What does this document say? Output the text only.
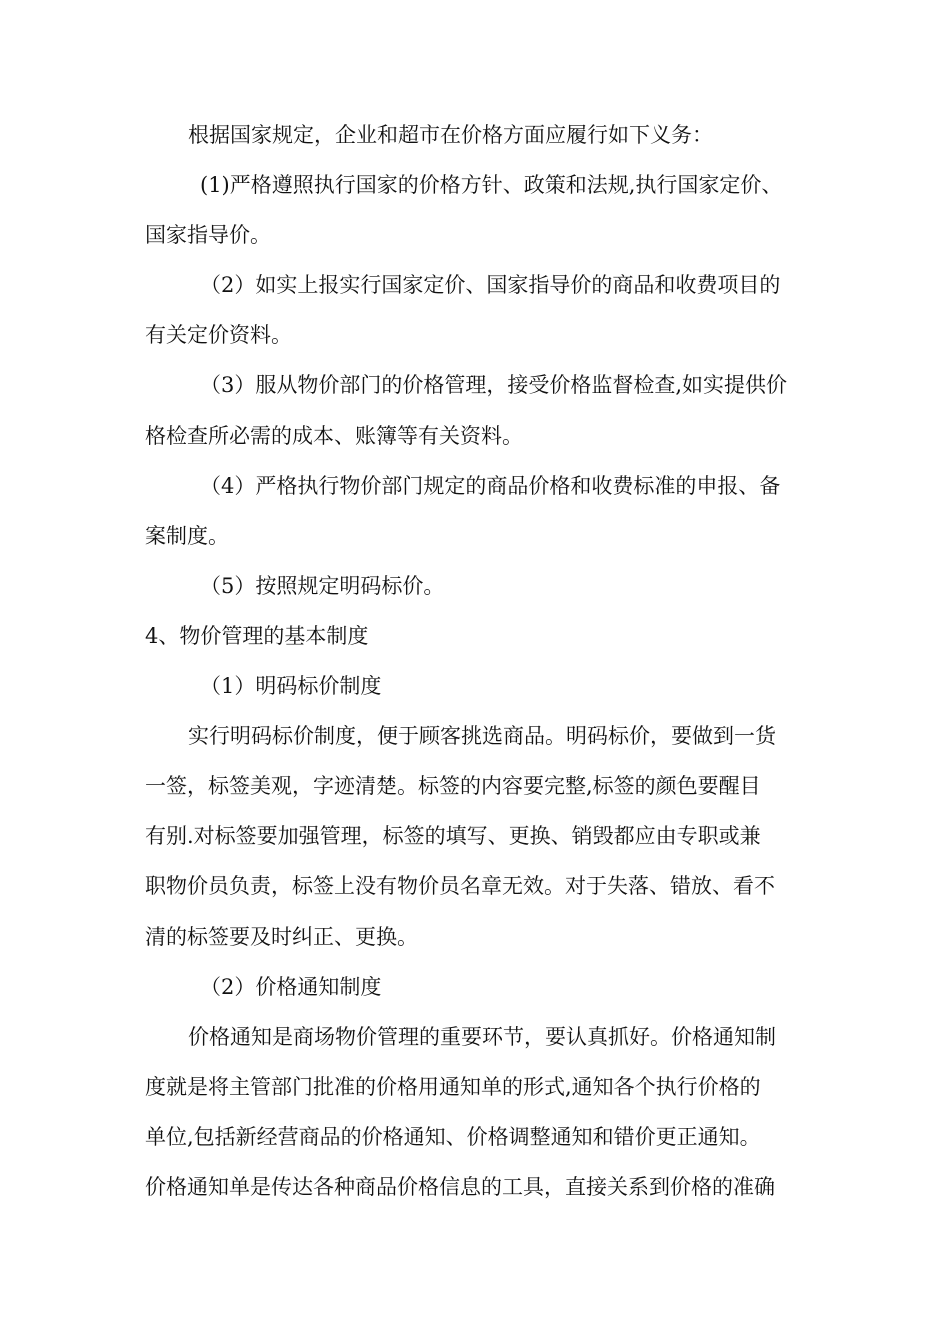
根据国家规定，企业和超市在价格方面应履行如下义务：
(1)严格遵照执行国家的价格方针、政策和法规,执行国家定价、
国家指导价。
（2）如实上报实行国家定价、国家指导价的商品和收费项目的
有关定价资料。
（3）服从物价部门的价格管理，接受价格监督检查,如实提供价
格检查所必需的成本、账簿等有关资料。
（4）严格执行物价部门规定的商品价格和收费标准的申报、备
案制度。
（5）按照规定明码标价。
4、物价管理的基本制度
（1）明码标价制度
实行明码标价制度，便于顾客挑选商品。明码标价，要做到一货
一签，标签美观，字迹清楚。标签的内容要完整,标签的颜色要醒目
有别.对标签要加强管理，标签的填写、更换、销毁都应由专职或兼
职物价员负责，标签上没有物价员名章无效。对于失落、错放、看不
清的标签要及时纠正、更换。
（2）价格通知制度
价格通知是商场物价管理的重要环节，要认真抓好。价格通知制
度就是将主管部门批准的价格用通知单的形式,通知各个执行价格的
单位,包括新经营商品的价格通知、价格调整通知和错价更正通知。
价格通知单是传达各种商品价格信息的工具，直接关系到价格的准确
